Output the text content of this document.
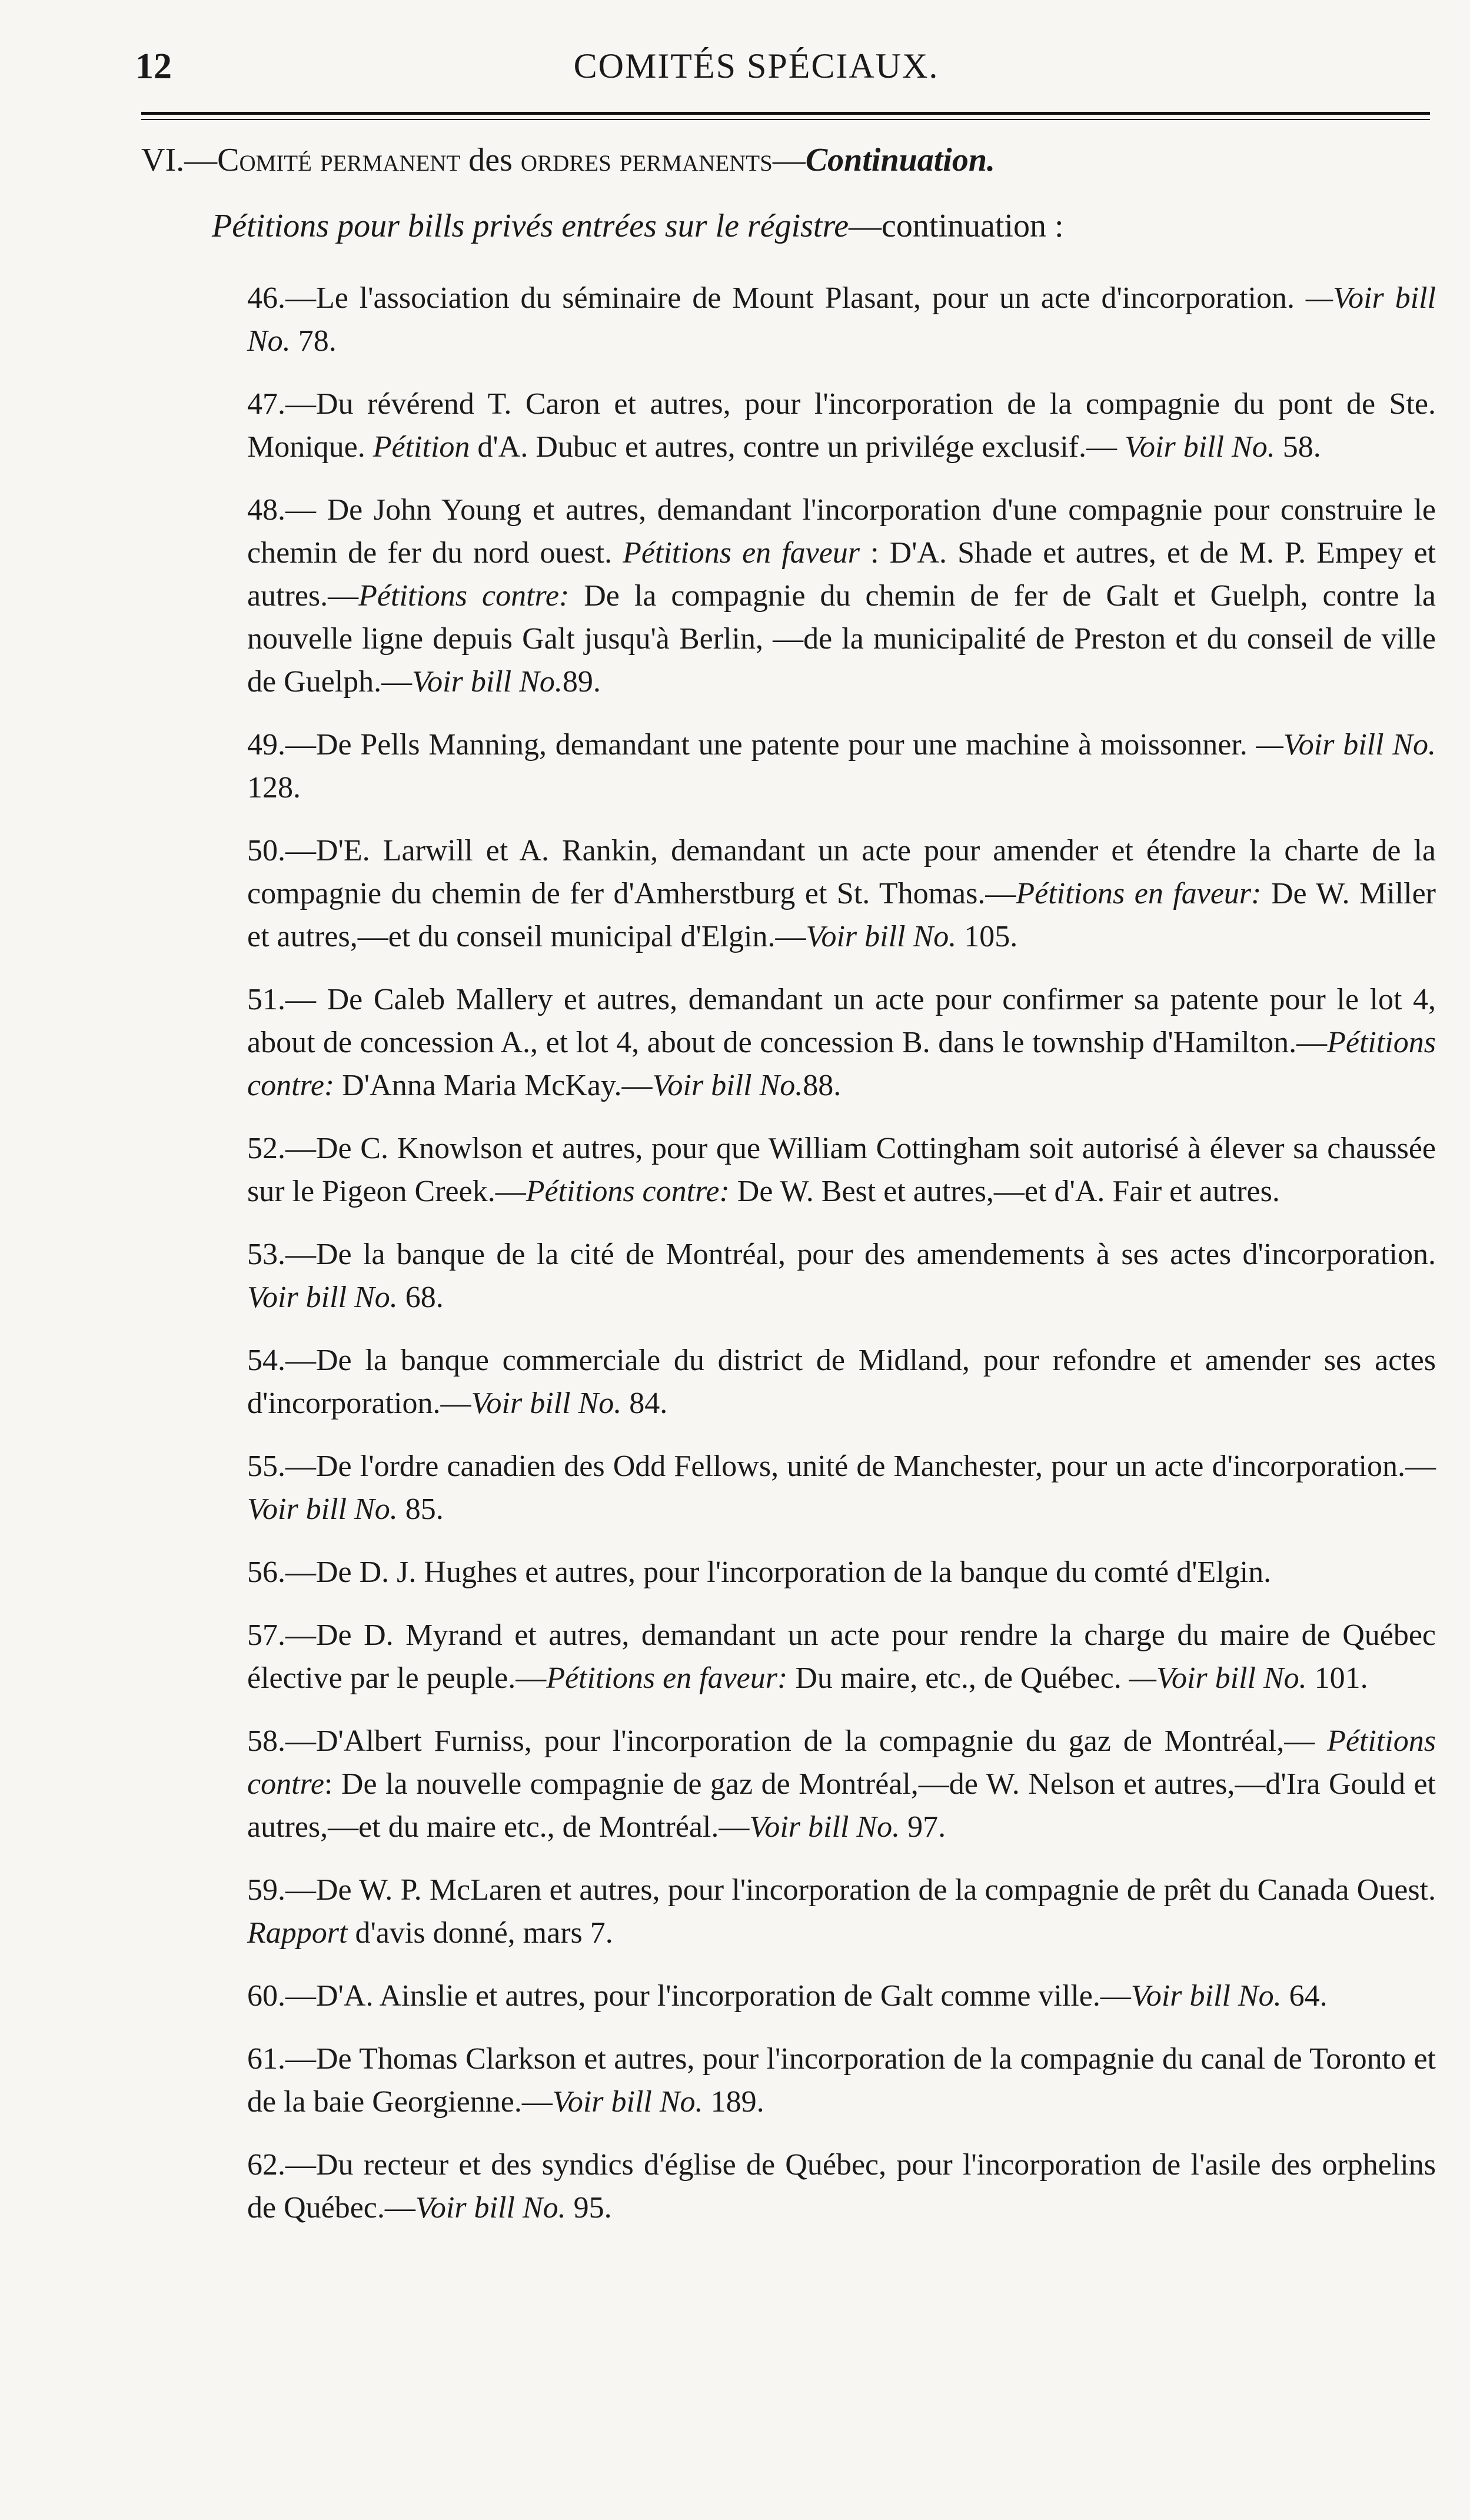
12	COMITÉS SPÉCIAUX.
VI.—Comité permanent des ordres permanents—Continuation.
Pétitions pour bills privés entrées sur le régistre—continuation :
46.—Le l'association du séminaire de Mount Plasant, pour un acte d'incorporation. —Voir bill No. 78.
47.—Du révérend T. Caron et autres, pour l'incorporation de la compagnie du pont de Ste. Monique. Pétition d'A. Dubuc et autres, contre un privilége exclusif.— Voir bill No. 58.
48.— De John Young et autres, demandant l'incorporation d'une compagnie pour construire le chemin de fer du nord ouest. Pétitions en faveur : D'A. Shade et autres, et de M. P. Empey et autres.—Pétitions contre: De la compagnie du chemin de fer de Galt et Guelph, contre la nouvelle ligne depuis Galt jusqu'à Berlin, —de la municipalité de Preston et du conseil de ville de Guelph.—Voir bill No.89.
49.—De Pells Manning, demandant une patente pour une machine à moissonner. —Voir bill No. 128.
50.—D'E. Larwill et A. Rankin, demandant un acte pour amender et étendre la charte de la compagnie du chemin de fer d'Amherstburg et St. Thomas.—Pétitions en faveur: De W. Miller et autres,—et du conseil municipal d'Elgin.—Voir bill No. 105.
51.— De Caleb Mallery et autres, demandant un acte pour confirmer sa patente pour le lot 4, about de concession A., et lot 4, about de concession B. dans le township d'Hamilton.—Pétitions contre: D'Anna Maria McKay.—Voir bill No.88.
52.—De C. Knowlson et autres, pour que William Cottingham soit autorisé à élever sa chaussée sur le Pigeon Creek.—Pétitions contre: De W. Best et autres,—et d'A. Fair et autres.
53.—De la banque de la cité de Montréal, pour des amendements à ses actes d'incorporation. Voir bill No. 68.
54.—De la banque commerciale du district de Midland, pour refondre et amender ses actes d'incorporation.—Voir bill No. 84.
55.—De l'ordre canadien des Odd Fellows, unité de Manchester, pour un acte d'incorporation.—Voir bill No. 85.
56.—De D. J. Hughes et autres, pour l'incorporation de la banque du comté d'Elgin.
57.—De D. Myrand et autres, demandant un acte pour rendre la charge du maire de Québec élective par le peuple.—Pétitions en faveur: Du maire, etc., de Québec. —Voir bill No. 101.
58.—D'Albert Furniss, pour l'incorporation de la compagnie du gaz de Montréal,— Pétitions contre: De la nouvelle compagnie de gaz de Montréal,—de W. Nelson et autres,—d'Ira Gould et autres,—et du maire etc., de Montréal.—Voir bill No. 97.
59.—De W. P. McLaren et autres, pour l'incorporation de la compagnie de prêt du Canada Ouest. Rapport d'avis donné, mars 7.
60.—D'A. Ainslie et autres, pour l'incorporation de Galt comme ville.—Voir bill No. 64.
61.—De Thomas Clarkson et autres, pour l'incorporation de la compagnie du canal de Toronto et de la baie Georgienne.—Voir bill No. 189.
62.—Du recteur et des syndics d'église de Québec, pour l'incorporation de l'asile des orphelins de Québec.—Voir bill No. 95.
